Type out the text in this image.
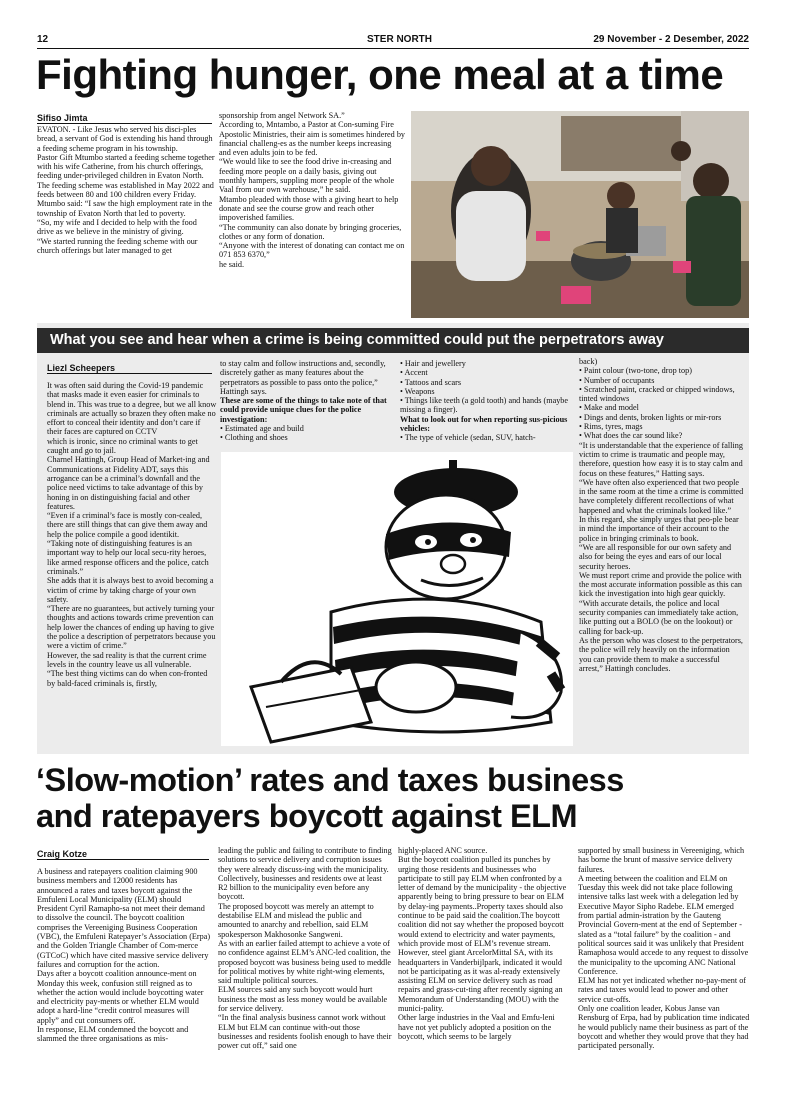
12	STER NORTH	29 November - 2 Desember, 2022
Fighting hunger, one meal at a time
Sifiso Jimta

EVATON. - Like Jesus who served his disci-ples bread, a servant of God is extending his hand through a feeding scheme program in his township.

Pastor Gift Mtumbo started a feeding scheme together with his wife Catherine, from his church offerings, feeding under-privileged children in Evaton North.

The feeding scheme was established in May 2022 and feeds between 80 and 100 children every Friday.

Mtumbo said: “I saw the high employment rate in the township of Evaton North that led to poverty.

“So, my wife and I decided to help with the food drive as we believe in the ministry of giving.

“We started running the feeding scheme with our church offerings but later managed to get

sponsorship from angel Network SA.”

According to, Mntambo, a Pastor at Con-suming Fire Apostolic Ministries, their aim is sometimes hindered by financial challeng-es as the number keeps increasing and even adults join to be fed.

“We would like to see the food drive in-creasing and feeding more people on a daily basis, giving out monthly hampers, suppling more people of the whole Vaal from our own warehouse,” he said.

Mtambo pleaded with those with a giving heart to help donate and see the course grow and reach other impoverished families.

“The community can also donate by bringing groceries, clothes or any form of donation.

“Anyone with the interest of donating can contact me on 071 853 6370,”

he said.

What you see and hear when a crime is being committed could put the perpetrators away
Liezl Scheepers

It was often said during the Covid-19 pandemic that masks made it even easier for criminals to blend in. This was true to a degree, but we all know criminals are actually so brazen they often make no effort to conceal their identity and don’t care if their faces are captured on CCTV

which is ironic, since no criminal wants to get caught and go to jail.

Charnel Hattingh, Group Head of Market-ing and Communications at Fidelity ADT, says this arrogance can be a criminal’s downfall and the police need victims to take advantage of this by honing in on distinguishing facial and other features.

“Even if a criminal’s face is mostly con-cealed, there are still things that can give them away and help the police compile a good identikit.

“Taking note of distinguishing features is an important way to help our local secu-rity heroes, like armed response officers and the police, catch criminals.”

She adds that it is always best to avoid becoming a victim of crime by taking charge of your own safety.

“There are no guarantees, but actively turning your thoughts and actions towards crime prevention can help lower the chances of ending up having to give the police a description of perpetrators because you were a victim of crime.”

However, the sad reality is that the current crime levels in the country leave us all vulnerable.

“The best thing victims can do when con-fronted by bald-faced criminals is, firstly,

to stay calm and follow instructions and, secondly, discretely gather as many features about the perpetrators as possible to pass onto the police,” Hattingh says.

These are some of the things to take note of that could provide unique clues for the police investigation:

• Estimated age and build

• Clothing and shoes

• Hair and jewellery

• Accent

• Tattoos and scars

• Weapons

• Things like teeth (a gold tooth) and hands (maybe missing a finger).

What to look out for when reporting sus-picious vehicles:

• The type of vehicle (sedan, SUV, hatch-

back)

• Paint colour (two-tone, drop top)

• Number of occupants

• Scratched paint, cracked or chipped windows, tinted windows

• Make and model

• Dings and dents, broken lights or mir-rors

• Rims, tyres, mags

• What does the car sound like?

“It is understandable that the experience of falling victim to crime is traumatic and people may, therefore, question how easy it is to stay calm and focus on these features,” Hatting says.

“We have often also experienced that two people in the same room at the time a crime is committed have completely different recollections of what happened and what the criminals looked like.”

In this regard, she simply urges that peo-ple bear in mind the importance of their account to the police in bringing criminals to book.

“We are all responsible for our own safety and also for being the eyes and ears of our local security heroes.

We must report crime and provide the police with the most accurate information possible as this can kick the investigation into high gear quickly.

“With accurate details, the police and local security companies can immediately take action, like putting out a BOLO (be on the lookout) or calling for back-up.

As the person who was closest to the perpetrators, the police will rely heavily on the information you can provide them to make a successful arrest,” Hattingh concludes.

‘Slow-motion’ rates and taxes business
and ratepayers boycott against ELM
Craig Kotze

A business and ratepayers coalition claiming 900 business members and 12000 residents has announced a rates and taxes boycott against the Emfuleni Local Municipality (ELM) should President Cyril Ramapho-sa not meet their demand to dissolve the council. The boycott coalition comprises the Vereeniging Business Cooperation (VBC), the Emfuleni Ratepayer’s Association (Erpa) and the Golden Triangle Chamber of Com-merce (GTCoC) which have cited massive service delivery failures and corruption for the action.

Days after a boycott coalition announce-ment on Monday this week, confusion still reigned as to whether the action would include boycotting water and electricity pay-ments or whether ELM would adopt a hard-line “credit control measures will apply” and cut consumers off.

In response, ELM condemned the boycott and slammed the three organisations as mis-

leading the public and failing to contribute to finding solutions to service delivery and corruption issues they were already discuss-ing with the municipality.

Collectively, businesses and residents owe at least R2 billion to the municipality even before any boycott.

The proposed boycott was merely an attempt to destabilise ELM and mislead the public and amounted to anarchy and rebellion, said ELM spokesperson Makhosonke Sangweni.

As with an earlier failed attempt to achieve a vote of no confidence against ELM’s ANC-led coalition, the proposed boycott was business being used to meddle for political motives by white right-wing elements, said multiple political sources.

ELM sources said any such boycott would hurt business the most as less money would be available for service delivery.

“In the final analysis business cannot work without ELM but ELM can continue with-out those businesses and residents foolish enough to have their power cut off,” said one

highly-placed ANC source.

But the boycott coalition pulled its punches by urging those residents and businesses who participate to still pay ELM when confronted by a letter of demand by the municipality - the objective apparently being to bring pressure to bear on ELM by delay-ing payments..Property taxes should also continue to be paid said the coalition.The boycott coalition did not say whether the proposed boycott would extend to electricity and water payments, which provide most of ELM’s revenue stream.

However, steel giant ArcelorMittal SA, with its headquarters in Vanderbijlpark, indicated it would not be participating as it was al-ready extensively assisting ELM on service delivery such as road repairs and grass-cut-ting after recently signing an Memorandum of Understanding (MOU) with the munici-pality.

Other large industries in the Vaal and Emfu-leni have not yet publicly adopted a position on the boycott, which seems to be largely

supported by small business in Vereeniging, which has borne the brunt of massive service delivery failures.

A meeting between the coalition and ELM on Tuesday this week did not take place following intensive talks last week with a delegation led by Executive Mayor Sipho Radebe. ELM emerged from partial admin-istration by the Gauteng Provincial Govern-ment at the end of September - slated as a “total failure” by the coalition - and political sources said it was unlikely that President Ramaphosa would accede to any request to dissolve the municipality to the upcoming ANC National Conference.

ELM has not yet indicated whether no-pay-ment of rates and taxes would lead to power and other service cut-offs.

Only one coalition leader, Kobus Janse van Rensburg of Erpa, had by publication time indicated he would publicly name their business as part of the boycott and whether they would prove that they had participated personally.
